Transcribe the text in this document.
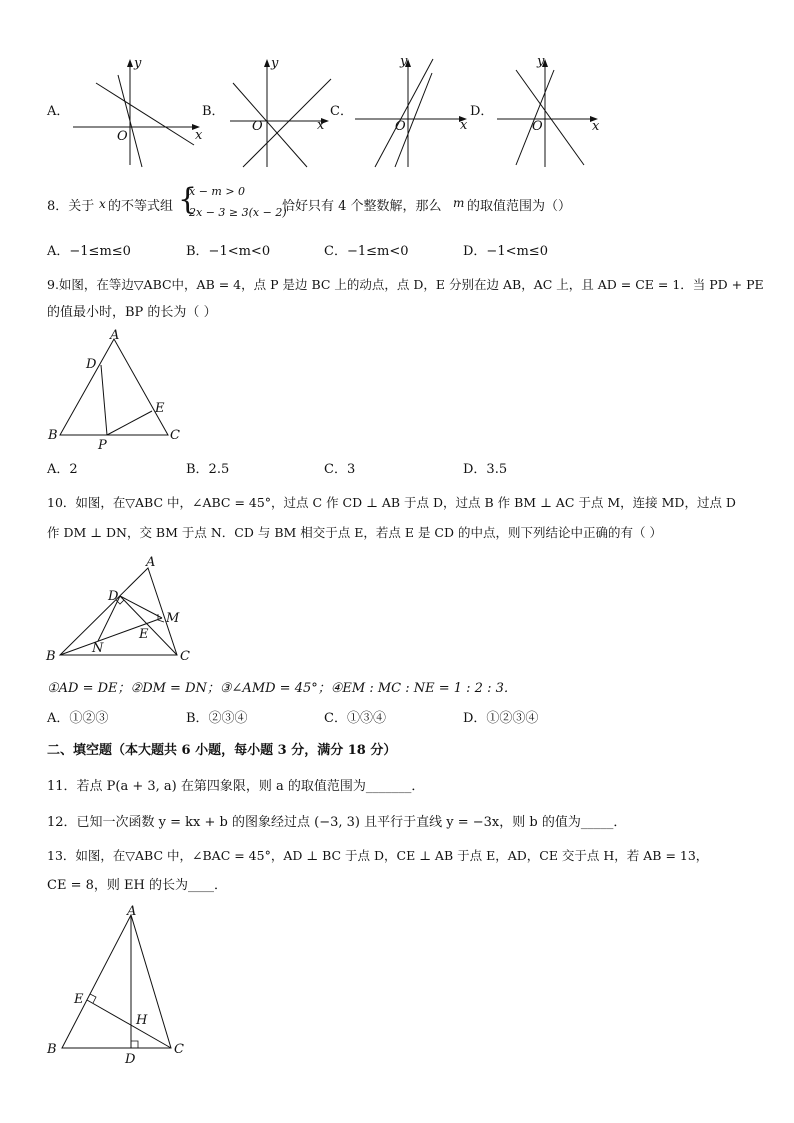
A．
y
x
O
B．
y
x
O
C．
y
x
O
D．
y
x
O
8．关于 x 的不等式组 {
x − m > 0
2x − 3 ≥ 3(x − 2)
恰好只有 4 个整数解，那么 m 的取值范围为（）
A．−1≤m≤0	B．−1<m<0	C．−1≤m<0	D．−1<m≤0
9.如图，在等边▽ABC中，AB = 4，点 P 是边 BC 上的动点，点 D，E 分别在边 AB，AC 上，且 AD = CE = 1．当 PD + PE
的值最小时，BP 的长为（ ）
A
B	C
D
E
P
A．2	B．2.5	C．3	D．3.5
10．如图，在▽ABC 中，∠ABC = 45°，过点 C 作 CD ⊥ AB 于点 D，过点 B 作 BM ⊥ AC 于点 M，连接 MD，过点 D
作 DM ⊥ DN，交 BM 于点 N．CD 与 BM 相交于点 E，若点 E 是 CD 的中点，则下列结论中正确的有（ ）
A
B	C
D
E
M
N
①AD = DE；②DM = DN；③∠AMD = 45°；④EM : MC : NE = 1 : 2 : 3．
A．①②③	B．②③④	C．①③④	D．①②③④
二、填空题（本大题共 6 小题，每小题 3 分，满分 18 分）
11．若点 P(a + 3, a) 在第四象限，则 a 的取值范围为_______．
12．已知一次函数 y = kx + b 的图象经过点 (−3, 3) 且平行于直线 y = −3x，则 b 的值为_____．
13．如图，在▽ABC 中，∠BAC = 45°，AD ⊥ BC 于点 D，CE ⊥ AB 于点 E，AD，CE 交于点 H，若 AB = 13，
CE = 8，则 EH 的长为____．
A
B	C
D
E
H
